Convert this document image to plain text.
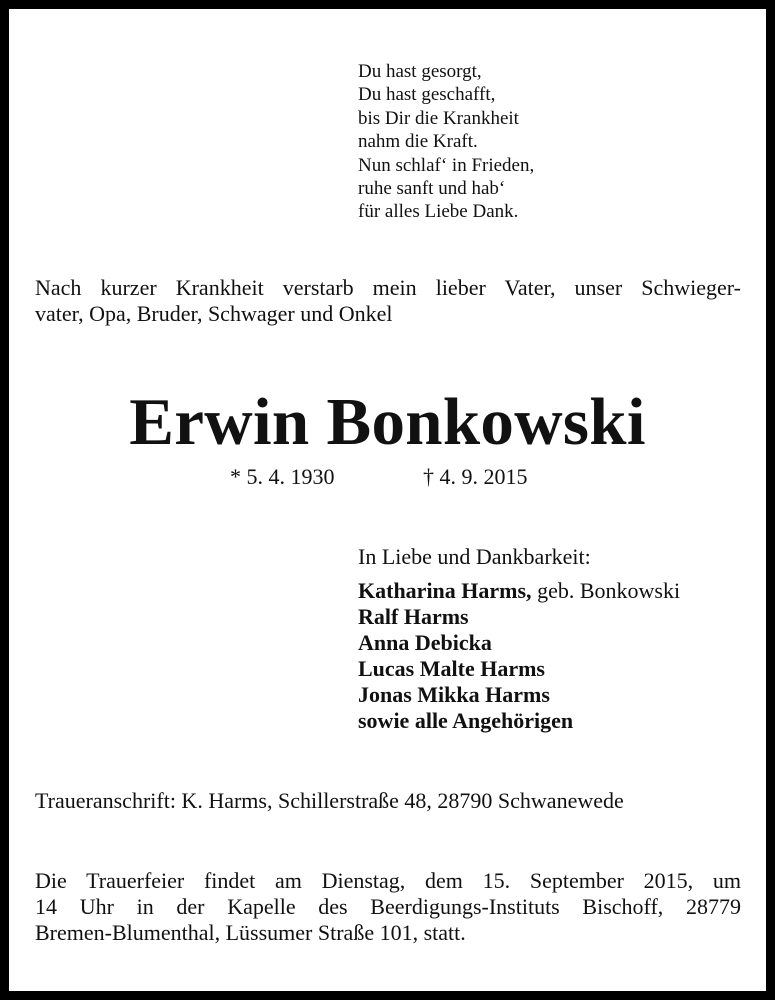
Du hast gesorgt,
Du hast geschafft,
bis Dir die Krankheit
nahm die Kraft.
Nun schlaf‘ in Frieden,
ruhe sanft und hab‘
für alles Liebe Dank.
Nach kurzer Krankheit verstarb mein lieber Vater, unser Schwieger-
vater, Opa, Bruder, Schwager und Onkel
Erwin Bonkowski
* 5. 4. 1930	† 4. 9. 2015
In Liebe und Dankbarkeit:
Katharina Harms, geb. Bonkowski
Ralf Harms
Anna Debicka
Lucas Malte Harms
Jonas Mikka Harms
sowie alle Angehörigen
Traueranschrift: K. Harms, Schillerstraße 48, 28790 Schwanewede
Die Trauerfeier findet am Dienstag, dem 15. September 2015, um
14 Uhr in der Kapelle des Beerdigungs-Instituts Bischoff, 28779
Bremen-Blumenthal, Lüssumer Straße 101, statt.
